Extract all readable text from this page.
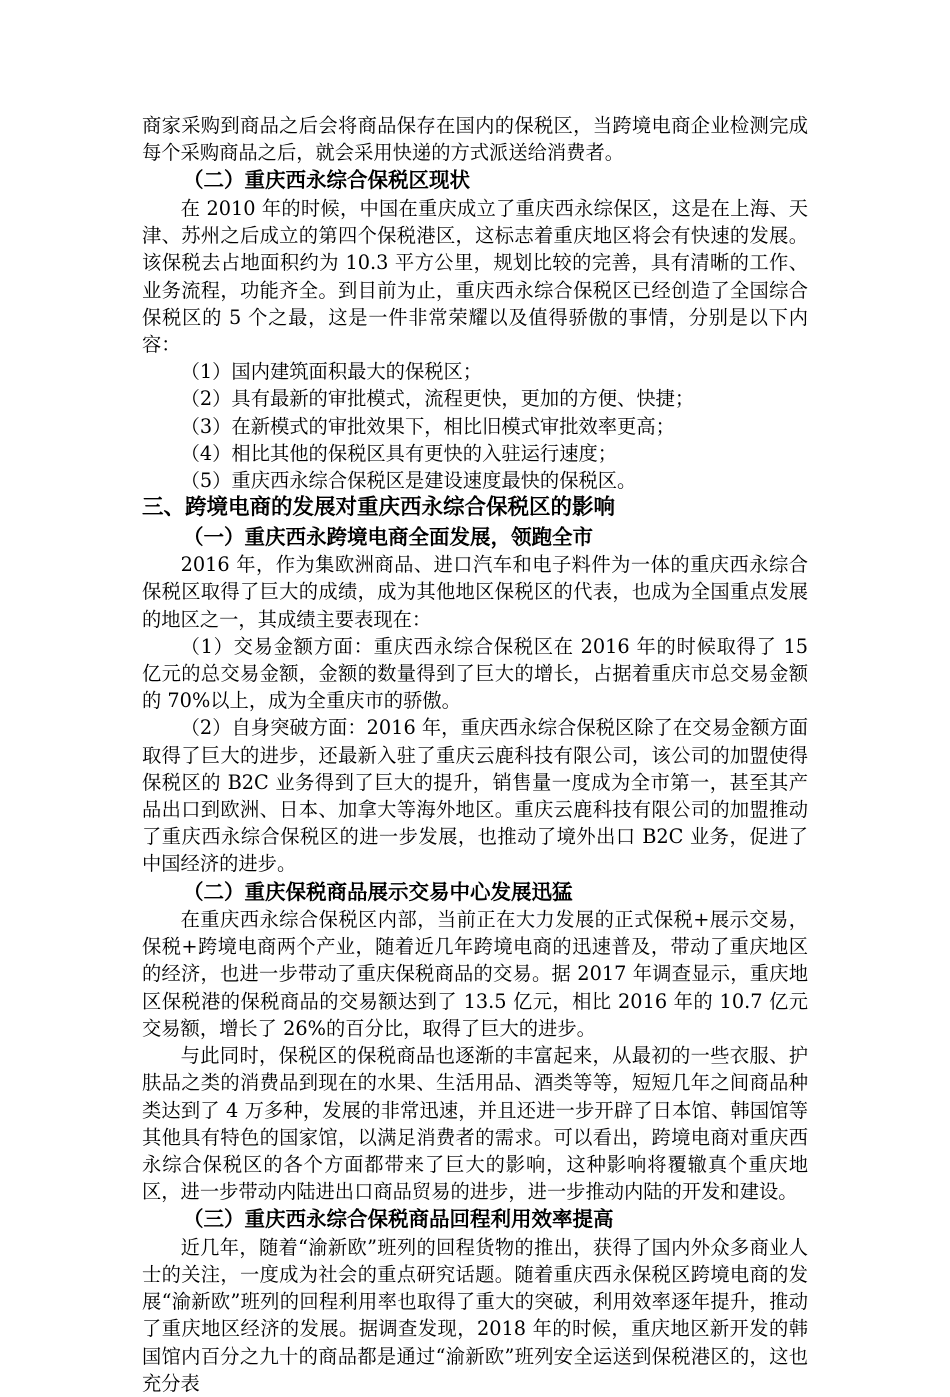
商家采购到商品之后会将商品保存在国内的保税区，当跨境电商企业检测完成每个采购商品之后，就会采用快递的方式派送给消费者。

（二）重庆西永综合保税区现状

在 2010 年的时候，中国在重庆成立了重庆西永综保区，这是在上海、天津、苏州之后成立的第四个保税港区，这标志着重庆地区将会有快速的发展。该保税去占地面积约为 10.3 平方公里，规划比较的完善，具有清晰的工作、业务流程，功能齐全。到目前为止，重庆西永综合保税区已经创造了全国综合保税区的 5 个之最，这是一件非常荣耀以及值得骄傲的事情，分别是以下内容：

（1）国内建筑面积最大的保税区；

（2）具有最新的审批模式，流程更快，更加的方便、快捷；

（3）在新模式的审批效果下，相比旧模式审批效率更高；

（4）相比其他的保税区具有更快的入驻运行速度；

（5）重庆西永综合保税区是建设速度最快的保税区。

三、跨境电商的发展对重庆西永综合保税区的影响
（一）重庆西永跨境电商全面发展，领跑全市

2016 年，作为集欧洲商品、进口汽车和电子料件为一体的重庆西永综合保税区取得了巨大的成绩，成为其他地区保税区的代表，也成为全国重点发展的地区之一，其成绩主要表现在：

（1）交易金额方面：重庆西永综合保税区在 2016 年的时候取得了 15 亿元的总交易金额，金额的数量得到了巨大的增长，占据着重庆市总交易金额的 70%以上，成为全重庆市的骄傲。

（2）自身突破方面：2016 年，重庆西永综合保税区除了在交易金额方面取得了巨大的进步，还最新入驻了重庆云鹿科技有限公司，该公司的加盟使得保税区的 B2C 业务得到了巨大的提升，销售量一度成为全市第一，甚至其产品出口到欧洲、日本、加拿大等海外地区。重庆云鹿科技有限公司的加盟推动了重庆西永综合保税区的进一步发展，也推动了境外出口 B2C 业务，促进了中国经济的进步。

（二）重庆保税商品展示交易中心发展迅猛

在重庆西永综合保税区内部，当前正在大力发展的正式保税+展示交易，保税+跨境电商两个产业，随着近几年跨境电商的迅速普及，带动了重庆地区的经济，也进一步带动了重庆保税商品的交易。据 2017 年调查显示，重庆地区保税港的保税商品的交易额达到了 13.5 亿元，相比 2016 年的 10.7 亿元交易额，增长了 26%的百分比，取得了巨大的进步。

与此同时，保税区的保税商品也逐渐的丰富起来，从最初的一些衣服、护肤品之类的消费品到现在的水果、生活用品、酒类等等，短短几年之间商品种类达到了 4 万多种，发展的非常迅速，并且还进一步开辟了日本馆、韩国馆等其他具有特色的国家馆，以满足消费者的需求。可以看出，跨境电商对重庆西永综合保税区的各个方面都带来了巨大的影响，这种影响将覆辙真个重庆地区，进一步带动内陆进出口商品贸易的进步，进一步推动内陆的开发和建设。

（三）重庆西永综合保税商品回程利用效率提高

近几年，随着“渝新欧”班列的回程货物的推出，获得了国内外众多商业人士的关注，一度成为社会的重点研究话题。随着重庆西永保税区跨境电商的发展“渝新欧”班列的回程利用率也取得了重大的突破，利用效率逐年提升，推动了重庆地区经济的发展。据调查发现，2018 年的时候，重庆地区新开发的韩国馆内百分之九十的商品都是通过“渝新欧”班列安全运送到保税港区的，这也充分表
